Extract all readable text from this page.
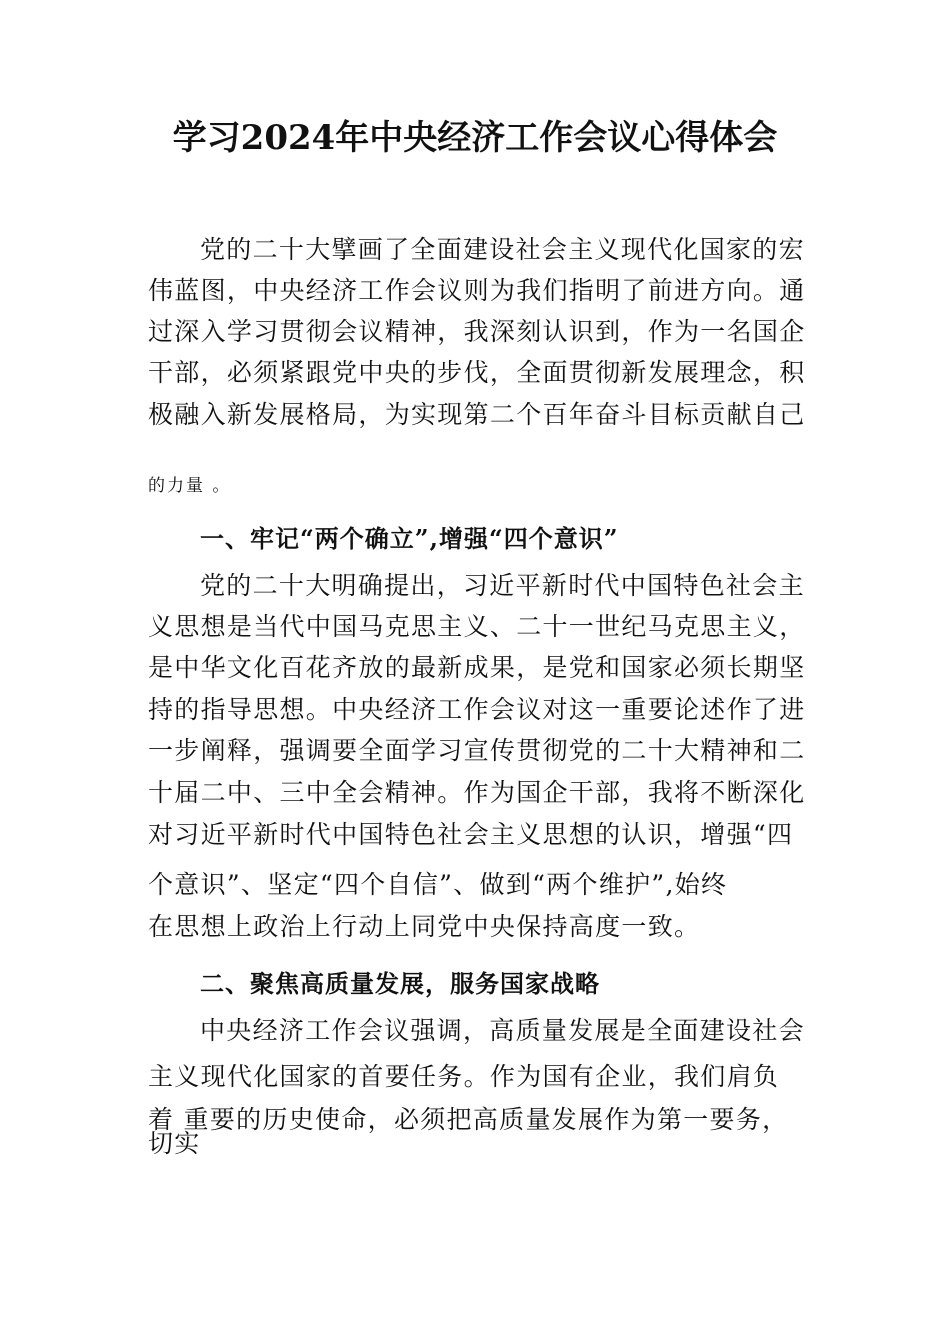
学习2024年中央经济工作会议心得体会
党的二十大擘画了全面建设社会主义现代化国家的宏
伟蓝图，中央经济工作会议则为我们指明了前进方向。通
过深入学习贯彻会议精神，我深刻认识到，作为一名国企
干部，必须紧跟党中央的步伐，全面贯彻新发展理念，积
极融入新发展格局，为实现第二个百年奋斗目标贡献自己
的力量 。
一、牢记“两个确立”,增强“四个意识”
党的二十大明确提出，习近平新时代中国特色社会主
义思想是当代中国马克思主义、二十一世纪马克思主义，
是中华文化百花齐放的最新成果，是党和国家必须长期坚
持的指导思想。中央经济工作会议对这一重要论述作了进
一步阐释，强调要全面学习宣传贯彻党的二十大精神和二
十届二中、三中全会精神。作为国企干部，我将不断深化
对习近平新时代中国特色社会主义思想的认识，增强“四
个意识”、坚定“四个自信”、做到“两个维护”,始终
在思想上政治上行动上同党中央保持高度一致。
二、聚焦高质量发展，服务国家战略
中央经济工作会议强调，高质量发展是全面建设社会
主义现代化国家的首要任务。作为国有企业，我们肩负
着 重要的历史使命，必须把高质量发展作为第一要务，
切实
